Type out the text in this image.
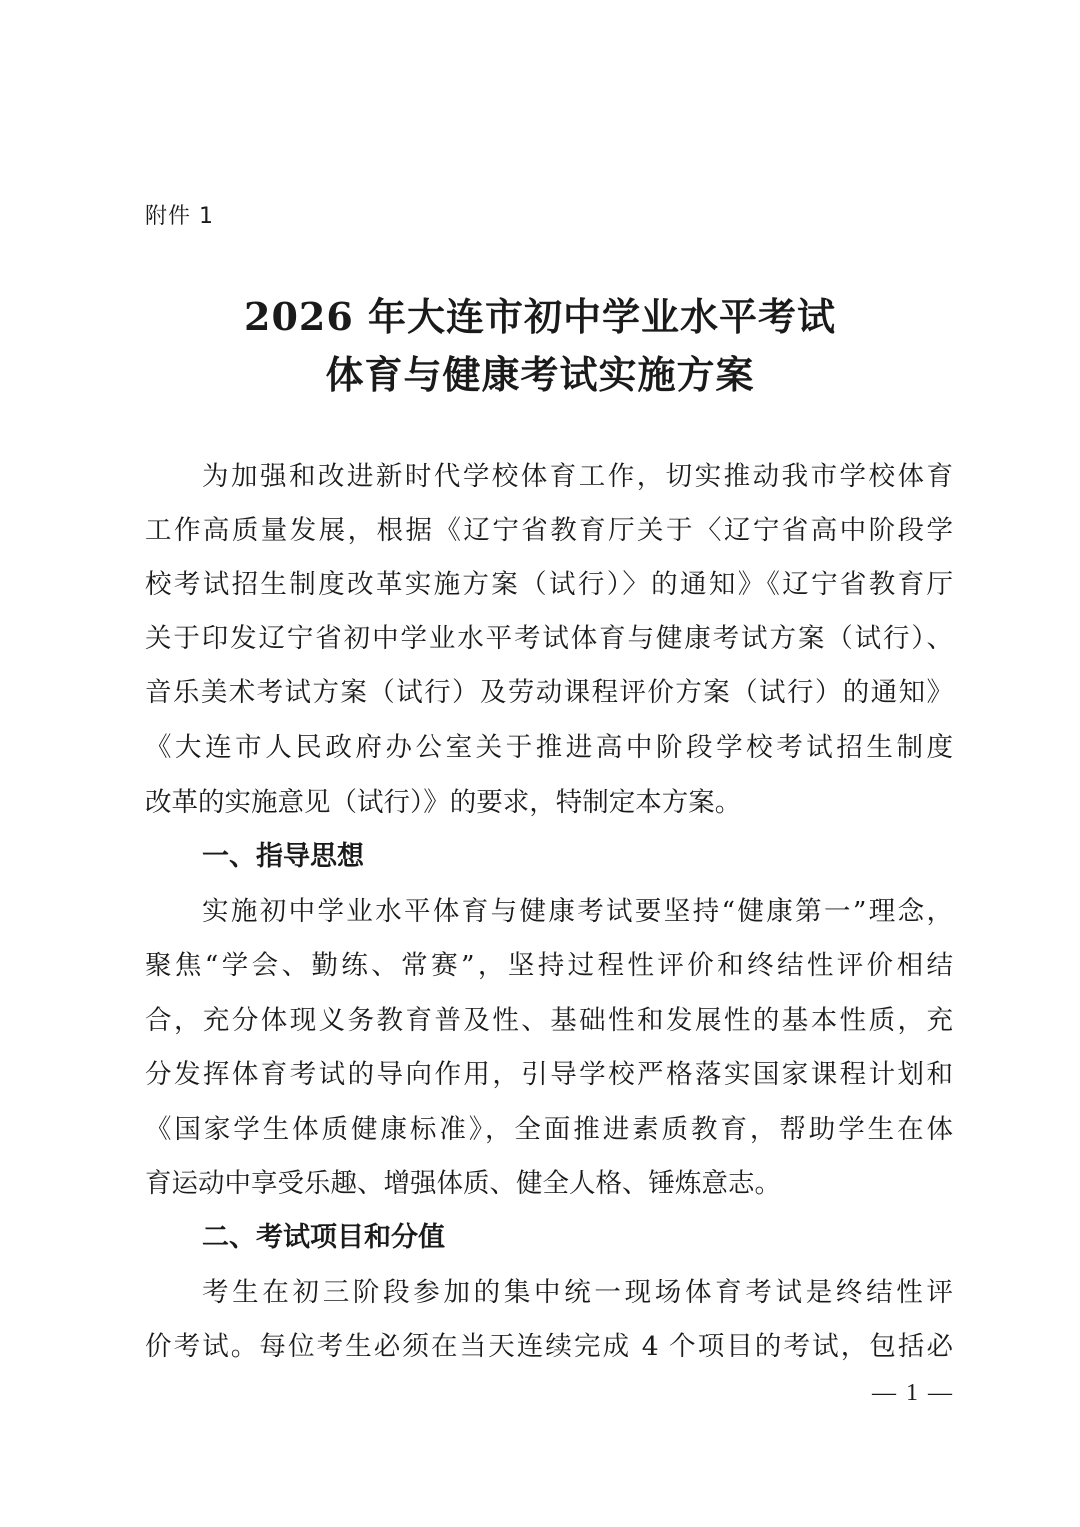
附件 1
2026 年大连市初中学业水平考试
体育与健康考试实施方案
为加强和改进新时代学校体育工作，切实推动我市学校体育
工作高质量发展，根据《辽宁省教育厅关于〈辽宁省高中阶段学
校考试招生制度改革实施方案（试行）〉的通知》《辽宁省教育厅
关于印发辽宁省初中学业水平考试体育与健康考试方案（试行）、
音乐美术考试方案（试行）及劳动课程评价方案（试行）的通知》
《大连市人民政府办公室关于推进高中阶段学校考试招生制度
改革的实施意见（试行）》的要求，特制定本方案。
一、指导思想
实施初中学业水平体育与健康考试要坚持“健康第一”理念，
聚焦“学会、勤练、常赛”，坚持过程性评价和终结性评价相结
合，充分体现义务教育普及性、基础性和发展性的基本性质，充
分发挥体育考试的导向作用，引导学校严格落实国家课程计划和
《国家学生体质健康标准》，全面推进素质教育，帮助学生在体
育运动中享受乐趣、增强体质、健全人格、锤炼意志。
二、考试项目和分值
考生在初三阶段参加的集中统一现场体育考试是终结性评
价考试。每位考生必须在当天连续完成 4 个项目的考试，包括必
— 1 —
